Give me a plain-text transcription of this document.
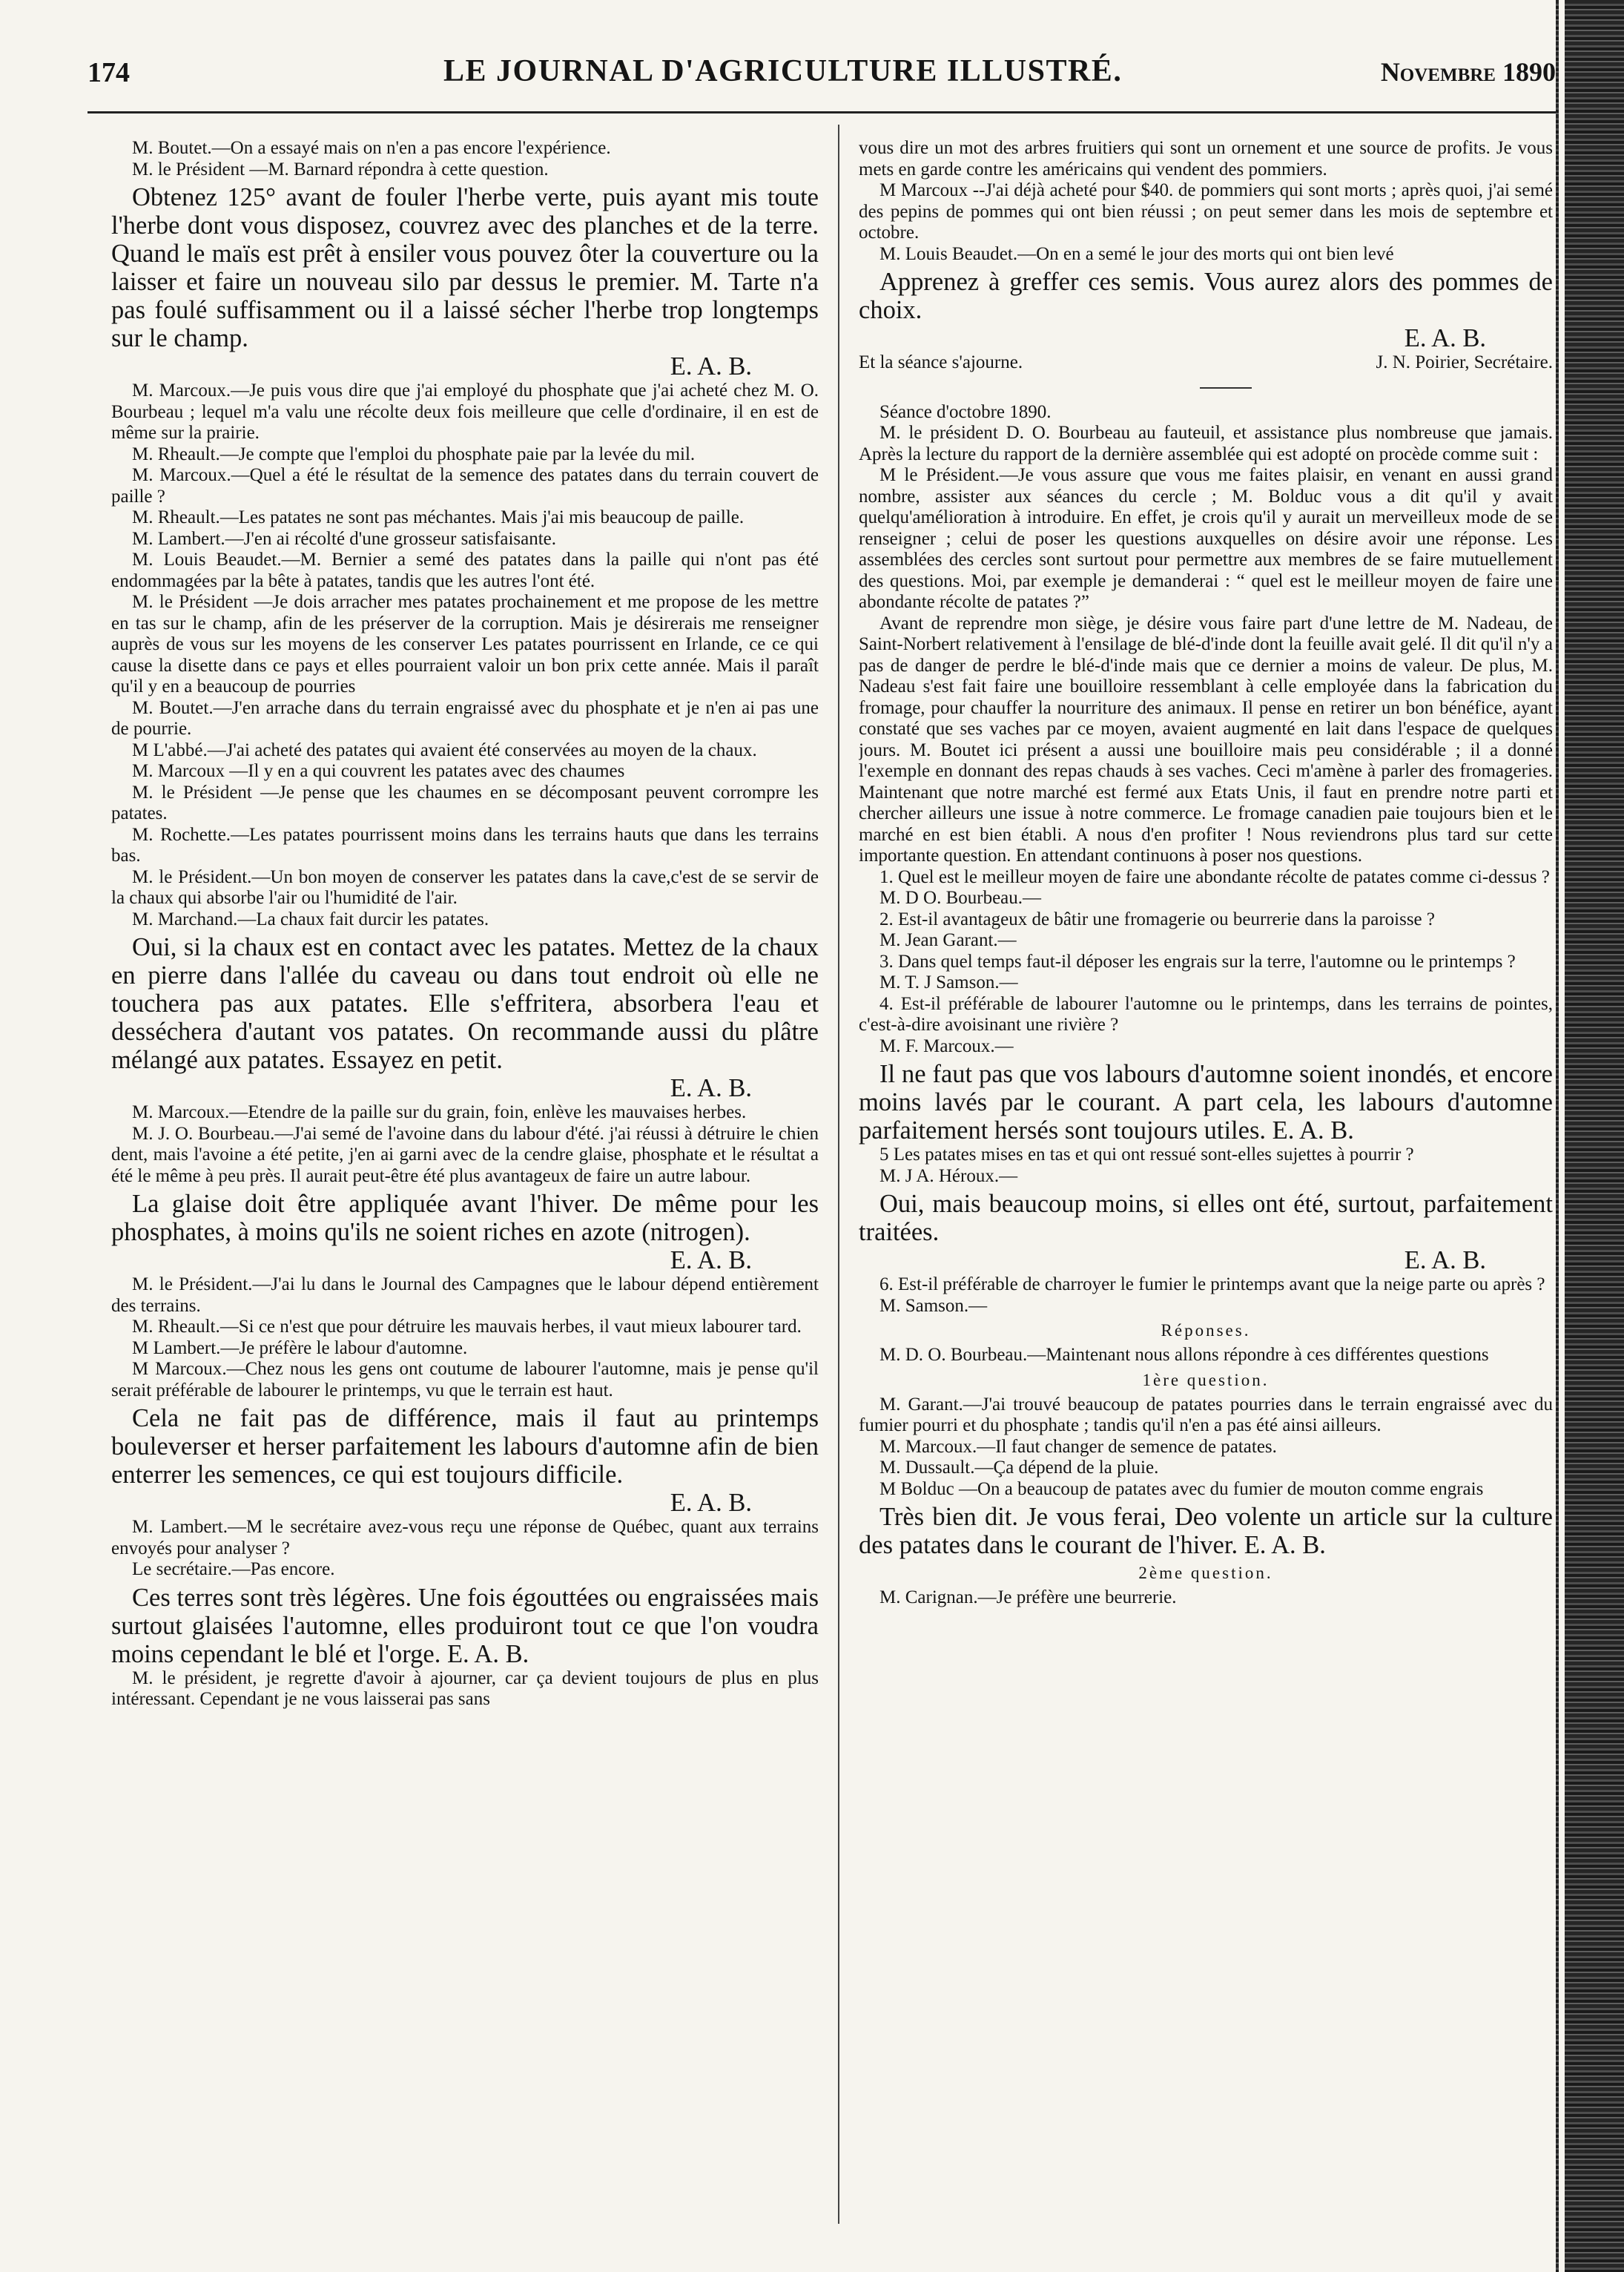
174	LE JOURNAL D'AGRICULTURE ILLUSTRÉ.	Novembre 1890

M. Boutet.—On a essayé mais on n'en a pas encore l'expérience.

M. le Président —M. Barnard répondra à cette question.

Obtenez 125° avant de fouler l'herbe verte, puis ayant mis toute l'herbe dont vous disposez, couvrez avec des planches et de la terre. Quand le maïs est prêt à ensiler vous pouvez ôter la couverture ou la laisser et faire un nouveau silo par dessus le premier. M. Tarte n'a pas foulé suffisamment ou il a laissé sécher l'herbe trop longtemps sur le champ.
E. A. B.

M. Marcoux.—Je puis vous dire que j'ai employé du phosphate que j'ai acheté chez M. O. Bourbeau ; lequel m'a valu une récolte deux fois meilleure que celle d'ordinaire, il en est de même sur la prairie.

M. Rheault.—Je compte que l'emploi du phosphate paie par la levée du mil.

M. Marcoux.—Quel a été le résultat de la semence des patates dans du terrain couvert de paille ?

M. Rheault.—Les patates ne sont pas méchantes. Mais j'ai mis beaucoup de paille.

M. Lambert.—J'en ai récolté d'une grosseur satisfaisante.

M. Louis Beaudet.—M. Bernier a semé des patates dans la paille qui n'ont pas été endommagées par la bête à patates, tandis que les autres l'ont été.

M. le Président —Je dois arracher mes patates prochainement et me propose de les mettre en tas sur le champ, afin de les préserver de la corruption. Mais je désirerais me renseigner auprès de vous sur les moyens de les conserver Les patates pourrissent en Irlande, ce ce qui cause la disette dans ce pays et elles pourraient valoir un bon prix cette année. Mais il paraît qu'il y en a beaucoup de pourries

M. Boutet.—J'en arrache dans du terrain engraissé avec du phosphate et je n'en ai pas une de pourrie.

M L'abbé.—J'ai acheté des patates qui avaient été conservées au moyen de la chaux.

M. Marcoux —Il y en a qui couvrent les patates avec des chaumes

M. le Président —Je pense que les chaumes en se décomposant peuvent corrompre les patates.

M. Rochette.—Les patates pourrissent moins dans les terrains hauts que dans les terrains bas.

M. le Président.—Un bon moyen de conserver les patates dans la cave,c'est de se servir de la chaux qui absorbe l'air ou l'humidité de l'air.

M. Marchand.—La chaux fait durcir les patates.

Oui, si la chaux est en contact avec les patates. Mettez de la chaux en pierre dans l'allée du caveau ou dans tout endroit où elle ne touchera pas aux patates. Elle s'effritera, absorbera l'eau et desséchera d'autant vos patates. On recommande aussi du plâtre mélangé aux patates. Essayez en petit.
E. A. B.

M. Marcoux.—Etendre de la paille sur du grain, foin, enlève les mauvaises herbes.

M. J. O. Bourbeau.—J'ai semé de l'avoine dans du labour d'été. j'ai réussi à détruire le chien dent, mais l'avoine a été petite, j'en ai garni avec de la cendre glaise, phosphate et le résultat a été le même à peu près. Il aurait peut-être été plus avantageux de faire un autre labour.

La glaise doit être appliquée avant l'hiver. De même pour les phosphates, à moins qu'ils ne soient riches en azote (nitrogen).
E. A. B.

M. le Président.—J'ai lu dans le Journal des Campagnes que le labour dépend entièrement des terrains.

M. Rheault.—Si ce n'est que pour détruire les mauvais herbes, il vaut mieux labourer tard.

M Lambert.—Je préfère le labour d'automne.

M Marcoux.—Chez nous les gens ont coutume de labourer l'automne, mais je pense qu'il serait préférable de labourer le printemps, vu que le terrain est haut.

Cela ne fait pas de différence, mais il faut au printemps bouleverser et herser parfaitement les labours d'automne afin de bien enterrer les semences, ce qui est toujours difficile.
E. A. B.

M. Lambert.—M le secrétaire avez-vous reçu une réponse de Québec, quant aux terrains envoyés pour analyser ?

Le secrétaire.—Pas encore.

Ces terres sont très légères. Une fois égouttées ou engraissées mais surtout glaisées l'automne, elles produiront tout ce que l'on voudra moins cependant le blé et l'orge. E. A. B.

M. le président, je regrette d'avoir à ajourner, car ça devient toujours de plus en plus intéressant. Cependant je ne vous laisserai pas sans

vous dire un mot des arbres fruitiers qui sont un ornement et une source de profits. Je vous mets en garde contre les américains qui vendent des pommiers.

M Marcoux --J'ai déjà acheté pour $40. de pommiers qui sont morts ; après quoi, j'ai semé des pepins de pommes qui ont bien réussi ; on peut semer dans les mois de septembre et octobre.

M. Louis Beaudet.—On en a semé le jour des morts qui ont bien levé

Apprenez à greffer ces semis. Vous aurez alors des pommes de choix.
E. A. B.

Et la séance s'ajourne.	J. N. Poirier, Secrétaire.

Séance d'octobre 1890.

M. le président D. O. Bourbeau au fauteuil, et assistance plus nombreuse que jamais. Après la lecture du rapport de la dernière assemblée qui est adopté on procède comme suit :

M le Président.—Je vous assure que vous me faites plaisir, en venant en aussi grand nombre, assister aux séances du cercle ; M. Bolduc vous a dit qu'il y avait quelqu'amélioration à introduire. En effet, je crois qu'il y aurait un merveilleux mode de se renseigner ; celui de poser les questions auxquelles on désire avoir une réponse. Les assemblées des cercles sont surtout pour permettre aux membres de se faire mutuellement des questions. Moi, par exemple je demanderai : “ quel est le meilleur moyen de faire une abondante récolte de patates ?”

Avant de reprendre mon siège, je désire vous faire part d'une lettre de M. Nadeau, de Saint-Norbert relativement à l'ensilage de blé-d'inde dont la feuille avait gelé. Il dit qu'il n'y a pas de danger de perdre le blé-d'inde mais que ce dernier a moins de valeur. De plus, M. Nadeau s'est fait faire une bouilloire ressemblant à celle employée dans la fabrication du fromage, pour chauffer la nourriture des animaux. Il pense en retirer un bon bénéfice, ayant constaté que ses vaches par ce moyen, avaient augmenté en lait dans l'espace de quelques jours. M. Boutet ici présent a aussi une bouilloire mais peu considérable ; il a donné l'exemple en donnant des repas chauds à ses vaches. Ceci m'amène à parler des fromageries. Maintenant que notre marché est fermé aux Etats Unis, il faut en prendre notre parti et chercher ailleurs une issue à notre commerce. Le fromage canadien paie toujours bien et le marché en est bien établi. A nous d'en profiter ! Nous reviendrons plus tard sur cette importante question. En attendant continuons à poser nos questions.

1. Quel est le meilleur moyen de faire une abondante récolte de patates comme ci-dessus ?

M. D O. Bourbeau.—

2. Est-il avantageux de bâtir une fromagerie ou beurrerie dans la paroisse ?

M. Jean Garant.—

3. Dans quel temps faut-il déposer les engrais sur la terre, l'automne ou le printemps ?

M. T. J Samson.—

4. Est-il préférable de labourer l'automne ou le printemps, dans les terrains de pointes, c'est-à-dire avoisinant une rivière ?

M. F. Marcoux.—

Il ne faut pas que vos labours d'automne soient inondés, et encore moins lavés par le courant. A part cela, les labours d'automne parfaitement hersés sont toujours utiles. E. A. B.

5 Les patates mises en tas et qui ont ressué sont-elles sujettes à pourrir ?

M. J A. Héroux.—

Oui, mais beaucoup moins, si elles ont été, surtout, parfaitement traitées.
E. A. B.

6. Est-il préférable de charroyer le fumier le printemps avant que la neige parte ou après ?

M. Samson.—

Réponses.

M. D. O. Bourbeau.—Maintenant nous allons répondre à ces différentes questions

1ère question.

M. Garant.—J'ai trouvé beaucoup de patates pourries dans le terrain engraissé avec du fumier pourri et du phosphate ; tandis qu'il n'en a pas été ainsi ailleurs.

M. Marcoux.—Il faut changer de semence de patates.

M. Dussault.—Ça dépend de la pluie.

M Bolduc —On a beaucoup de patates avec du fumier de mouton comme engrais

Très bien dit. Je vous ferai, Deo volente un article sur la culture des patates dans le courant de l'hiver. E. A. B.

2ème question.

M. Carignan.—Je préfère une beurrerie.
